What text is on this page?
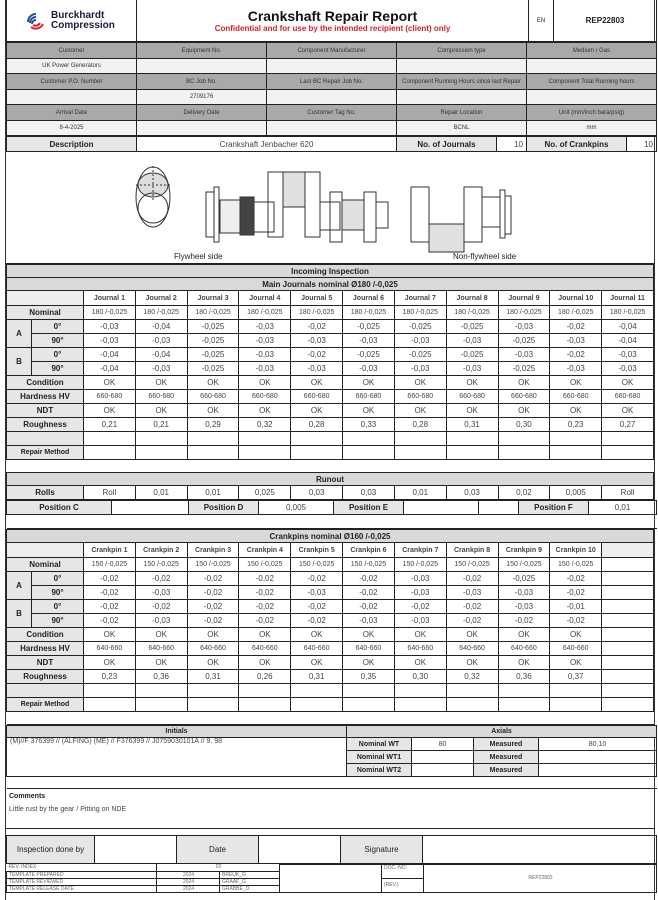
Burckhardt
Compression

Crankshaft Repair Report
Confidential and for use by the intended recipient (client) only
	EN	REP22803
Customer	Equipment No.	Component Manufacturer	Compression type	Medium / Gas
UK Power Generators				
Customer P.O. Number	BC Job No.	Last BC Repair Job No.	Component Running Hours since last Repair	Component Total Running hours
	2709176			
Arrival Date	Delivery Date	Customer Tag No.	Repair Location	Unit (mm/inch bara/psig)
8-4-2025			BCNL	mm
Description	Crankshaft Jenbacher 620	No. of Journals	10	No. of Crankpins	10
Flywheel side	Non-flywheel side
Incoming Inspection												
Main Journals nominal Ø180 /-0,025												
		Journal 1	Journal 2	Journal 3	Journal 4	Journal 5	Journal 6	Journal 7	Journal 8	Journal 9	Journal 10	Journal 11
Nominal		180 /-0,025	180 /-0,025	180 /-0,025	180 /-0,025	180 /-0,025	180 /-0,025	180 /-0,025	180 /-0,025	180 /-0,025	180 /-0,025	180 /-0,025
A	0°	-0,03	-0,04	-0,025	-0,03	-0,02	-0,025	-0,025	-0,025	-0,03	-0,02	-0,04
	90°	-0,03	-0,03	-0,025	-0,03	-0,03	-0,03	-0,03	-0,03	-0,025	-0,03	-0,04
B	0°	-0,04	-0,04	-0,025	-0,03	-0,02	-0,025	-0,025	-0,025	-0,03	-0,02	-0,03
	90°	-0,04	-0,03	-0,025	-0,03	-0,03	-0,03	-0,03	-0,03	-0,025	-0,03	-0,03
Condition		OK	OK	OK	OK	OK	OK	OK	OK	OK	OK	OK
Hardness HV		660-680	660-680	660-680	660-680	660-680	660-680	660-680	660-680	660-680	660-680	660-680
NDT		OK	OK	OK	OK	OK	OK	OK	OK	OK	OK	OK
Roughness		0,21	0,21	0,29	0,32	0,28	0,33	0,28	0,31	0,30	0,23	0,27

Repair Method												

Runout												
Rolls		Roll	0,01	0,01	0,025	0,03	0,03	0,01	0,03	0,02	0,005	Roll
Position C		Position D	0,005	Position E			Position F	0,01

Crankpins nominal Ø160 /-0,025												
		Crankpin 1	Crankpin 2	Crankpin 3	Crankpin 4	Crankpin 5	Crankpin 6	Crankpin 7	Crankpin 8	Crankpin 9	Crankpin 10	
Nominal		150 /-0,025	150 /-0,025	150 /-0,025	150 /-0,025	150 /-0,025	150 /-0,025	150 /-0,025	150 /-0,025	150 /-0,025	150 /-0,025	
A	0°	-0,02	-0,02	-0,02	-0,02	-0,02	-0,02	-0,03	-0,02	-0,025	-0,02	
	90°	-0,02	-0,03	-0,02	-0,02	-0,03	-0,02	-0,03	-0,03	-0,03	-0,02	
B	0°	-0,02	-0,02	-0,02	-0,02	-0,02	-0,02	-0,02	-0,02	-0,03	-0,01	
	90°	-0,02	-0,03	-0,02	-0,02	-0,02	-0,03	-0,03	-0,02	-0,02	-0,02	
Condition		OK	OK	OK	OK	OK	OK	OK	OK	OK	OK	
Hardness HV		640-660	640-660	640-660	640-660	640-660	640-660	640-660	640-660	640-660	640-660	
NDT		OK	OK	OK	OK	OK	OK	OK	OK	OK	OK	
Roughness		0,23	0,36	0,31	0,26	0,31	0,35	0,30	0,32	0,36	0,37	

Repair Method												

Initials	Axials			
(M)//F 376399 // (ALFING) (ME) // F376399 // J0759030101A // 9. 98	Nominal WT	80	Measured	80,10
	Nominal WT1		Measured	
	Nominal WT2		Measured	

Comments
Little rust by the gear / Pitting on NDE

Inspection done by		Date		Signature	
REV. INDEX	02			DOC.-NO.	REP22803
TEMPLATE PREPARED	2024	BREUK_G			
TEMPLATE REVIEWED	2024	GRAAF_G		(REV.)	
TEMPLATE RELEASE DATE	2024	GRABBE_O			
